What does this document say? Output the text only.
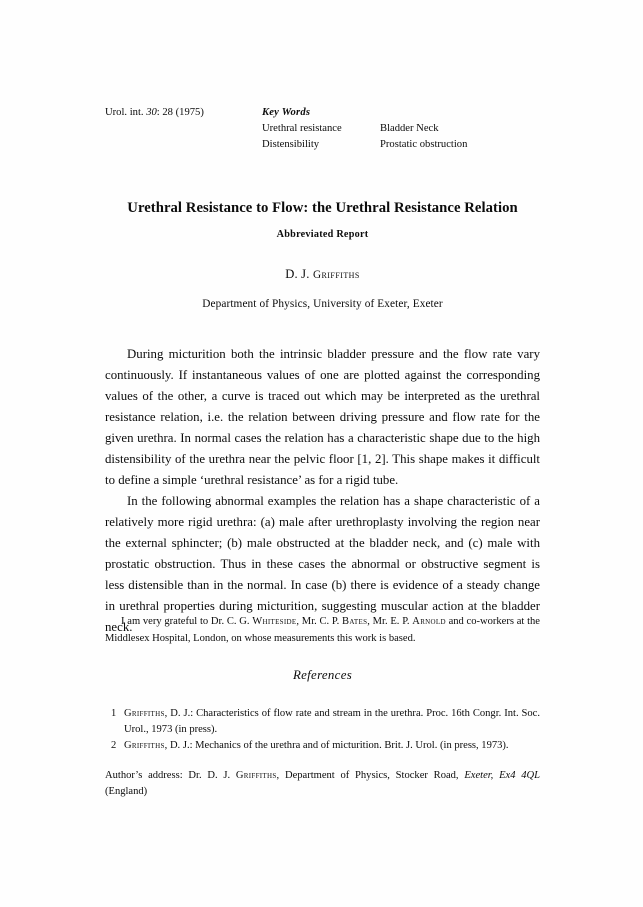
Urol. int. 30: 28 (1975)	Key Words
Urethral resistance	Bladder Neck
Distensibility	Prostatic obstruction
Urethral Resistance to Flow: the Urethral Resistance Relation
Abbreviated Report
D. J. Griffiths
Department of Physics, University of Exeter, Exeter

During micturition both the intrinsic bladder pressure and the flow rate vary continuously. If instantaneous values of one are plotted against the corresponding values of the other, a curve is traced out which may be interpreted as the urethral resistance relation, i.e. the relation between driving pressure and flow rate for the given urethra. In normal cases the relation has a characteristic shape due to the high distensibility of the urethra near the pelvic floor [1, 2]. This shape makes it difficult to define a simple ‘urethral resistance’ as for a rigid tube.

In the following abnormal examples the relation has a shape characteristic of a relatively more rigid urethra: (a) male after urethroplasty involving the region near the external sphincter; (b) male obstructed at the bladder neck, and (c) male with prostatic obstruction. Thus in these cases the abnormal or obstructive segment is less distensible than in the normal. In case (b) there is evidence of a steady change in urethral properties during micturition, suggesting muscular action at the bladder neck.

I am very grateful to Dr. C. G. Whiteside, Mr. C. P. Bates, Mr. E. P. Arnold and co-workers at the Middlesex Hospital, London, on whose measurements this work is based.

References
1 Griffiths, D. J.: Characteristics of flow rate and stream in the urethra. Proc. 16th Congr. Int. Soc. Urol., 1973 (in press).
2 Griffiths, D. J.: Mechanics of the urethra and of micturition. Brit. J. Urol. (in press, 1973).

Author’s address: Dr. D. J. Griffiths, Department of Physics, Stocker Road, Exeter, Ex4 4QL (England)
